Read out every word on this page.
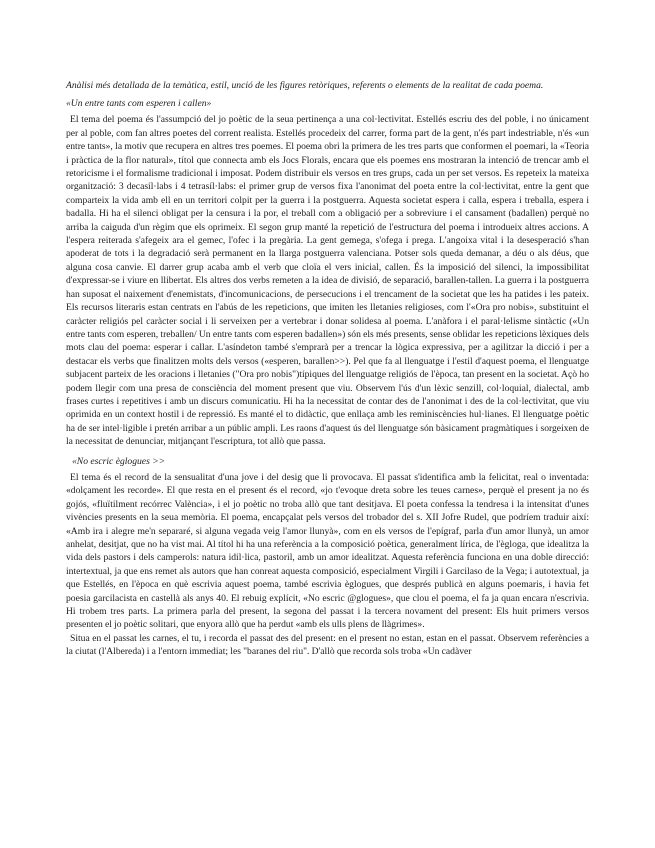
Anàlisi més detallada de la temàtica, estil, unció de les figures retòriques, referents o elements de la realitat de cada poema.

«Un entre tants com esperen i callen»

El tema del poema és l'assumpció del jo poètic de la seua pertinença a una col·lectivitat. Estellés escriu des del poble, i no únicament per al poble, com fan altres poetes del corrent realista. Estellés procedeix del carrer, forma part de la gent, n'és part indestriable, n'és «un entre tants», la motiv que recupera en altres tres poemes. El poema obri la primera de les tres parts que conformen el poemari, la «Teoria i pràctica de la flor natural», títol que connecta amb els Jocs Florals, encara que els poemes ens mostraran la intenció de trencar amb el retoricisme i el formalisme tradicional i imposat. Podem distribuir els versos en tres grups, cada un per set versos. Es repeteix la mateixa organització: 3 decasíl·labs i 4 tetrasíl·labs: el primer grup de versos fixa l'anonimat del poeta entre la col·lectivitat, entre la gent que comparteix la vida amb ell en un territori colpit per la guerra i la postguerra. Aquesta societat espera i calla, espera i treballa, espera i badalla. Hi ha el silenci obligat per la censura i la por, el treball com a obligació per a sobreviure i el cansament (badallen) perquè no arriba la caiguda d'un règim que els oprimeix. El segon grup manté la repetició de l'estructura del poema i introdueix altres accions. A l'espera reiterada s'afegeix ara el gemec, l'ofec i la pregària. La gent gemega, s'ofega i prega. L'angoixa vital i la desesperació s'han apoderat de tots i la degradació serà permanent en la llarga postguerra valenciana. Potser sols queda demanar, a déu o als déus, que alguna cosa canvie. El darrer grup acaba amb el verb que cloïa el vers inicial, callen. És la imposició del silenci, la impossibilitat d'expressar-se i viure en llibertat. Els altres dos verbs remeten a la idea de divisió, de separació, barallen-tallen. La guerra i la postguerra han suposat el naixement d'enemistats, d'incomunicacions, de persecucions i el trencament de la societat que les ha patides i les pateix. Els recursos literaris estan centrats en l'abús de les repeticions, que imiten les lletanies religioses, com l'«Ora pro nobis», substituint el caràcter religiós pel caràcter social i li serveixen per a vertebrar i donar solidesa al poema. L'anàfora i el paral·lelisme sintàctic («Un entre tants com esperen, treballen/ Un entre tants com esperen badallen») són els més presents, sense oblidar les repeticions lèxiques dels mots clau del poema: esperar i callar. L'asíndeton també s'emprarà per a trencar la lògica expressiva, per a agilitzar la dicció i per a destacar els verbs que finalitzen molts dels versos («esperen, barallen>>). Pel que fa al llenguatge i l'estil d'aquest poema, el llenguatge subjacent parteix de les oracions i lletanies ("Ora pro nobis")típiques del llenguatge religiós de l'època, tan present en la societat. Açò ho podem llegir com una presa de consciència del moment present que viu. Observem l'ús d'un lèxic senzill, col·loquial, dialectal, amb frases curtes i repetitives i amb un discurs comunicatiu. Hi ha la necessitat de contar des de l'anonimat i des de la col·lectivitat, que viu oprimida en un context hostil i de repressió. Es manté el to didàctic, que enllaça amb les reminiscències hul·lianes. El llenguatge poètic ha de ser intel·ligible i pretén arribar a un públic ampli. Les raons d'aquest ús del llenguatge són bàsicament pragmàtiques i sorgeixen de la necessitat de denunciar, mitjançant l'escriptura, tot allò que passa.

«No escric èglogues >>

El tema és el record de la sensualitat d'una jove i del desig que li provocava. El passat s'identifica amb la felicitat, real o inventada: «dolçament les recorde». El que resta en el present és el record, «jo t'evoque dreta sobre les teues carnes», perquè el present ja no és gojós, «fluïtilment recórrec València», i el jo poètic no troba allò que tant desitjava. El poeta confessa la tendresa i la intensitat d'unes vivències presents en la seua memòria. El poema, encapçalat pels versos del trobador del s. XII Jofre Rudel, que podríem traduir així: «Amb ira i alegre me'n separaré, si alguna vegada veig l'amor llunyà», com en els versos de l'epígraf, parla d'un amor llunyà, un amor anhelat, desitjat, que no ha vist mai. Al títol hi ha una referència a la composició poètica, generalment lírica, de l'ègloga, que idealitza la vida dels pastors i dels camperols: natura idil·lica, pastoril, amb un amor idealitzat. Aquesta referència funciona en una doble direcció: intertextual, ja que ens remet als autors que han conreat aquesta composició, especialment Virgili i Garcilaso de la Vega; i autotextual, ja que Estellés, en l'època en què escrivia aquest poema, també escrivia èglogues, que després publicà en alguns poemaris, i havia fet poesia garcilacista en castellà als anys 40. El rebuig explícit, «No escric @glogues», que clou el poema, el fa ja quan encara n'escrivia. Hi trobem tres parts. La primera parla del present, la segona del passat i la tercera novament del present: Els huit primers versos presenten el jo poètic solitari, que enyora allò que ha perdut «amb els ulls plens de llàgrimes».

Situa en el passat les carnes, el tu, i recorda el passat des del present: en el present no estan, estan en el passat. Observem referències a la ciutat (l'Albereda) i a l'entorn immediat; les "baranes del riu". D'allò que recorda sols troba «Un cadàver
